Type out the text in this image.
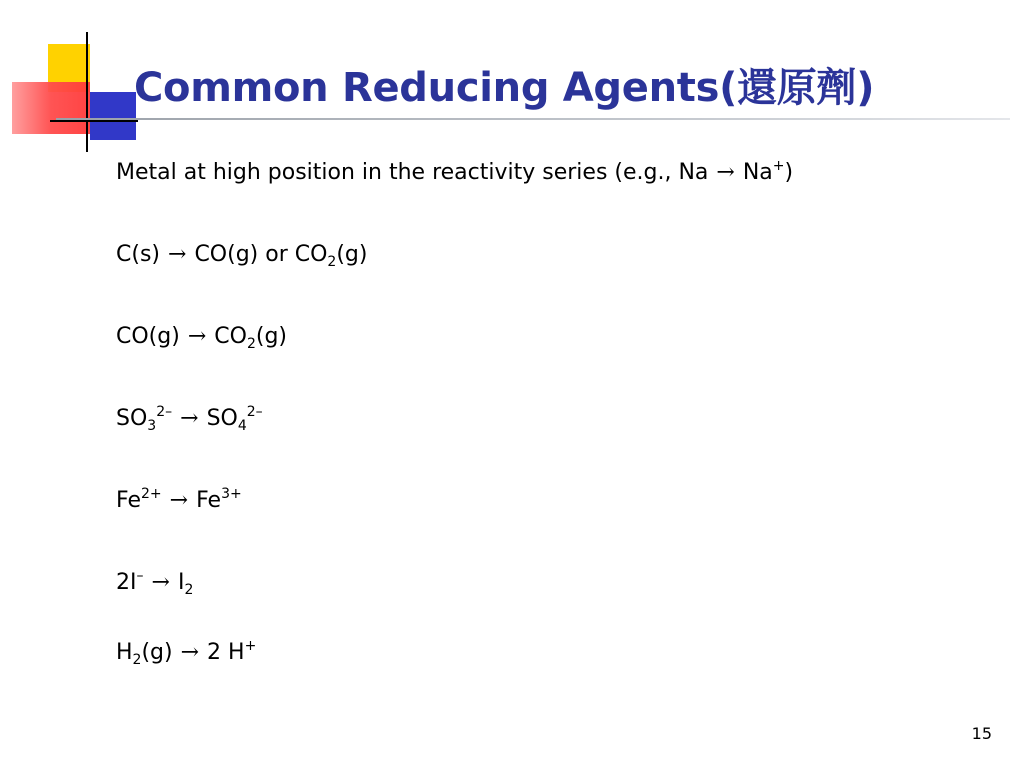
Common Reducing Agents(還原劑)
Metal at high position in the reactivity series (e.g., Na → Na+)
C(s) → CO(g) or $CO_2(g)$
$CO(g) \to CO_2(g)$
$SO_3^{2-} \to SO_4^{2-}$
$Fe^{2+} \to Fe^{3+}$
$2I^- \to I_2$
$H_2(g) \to 2$ H+
15
